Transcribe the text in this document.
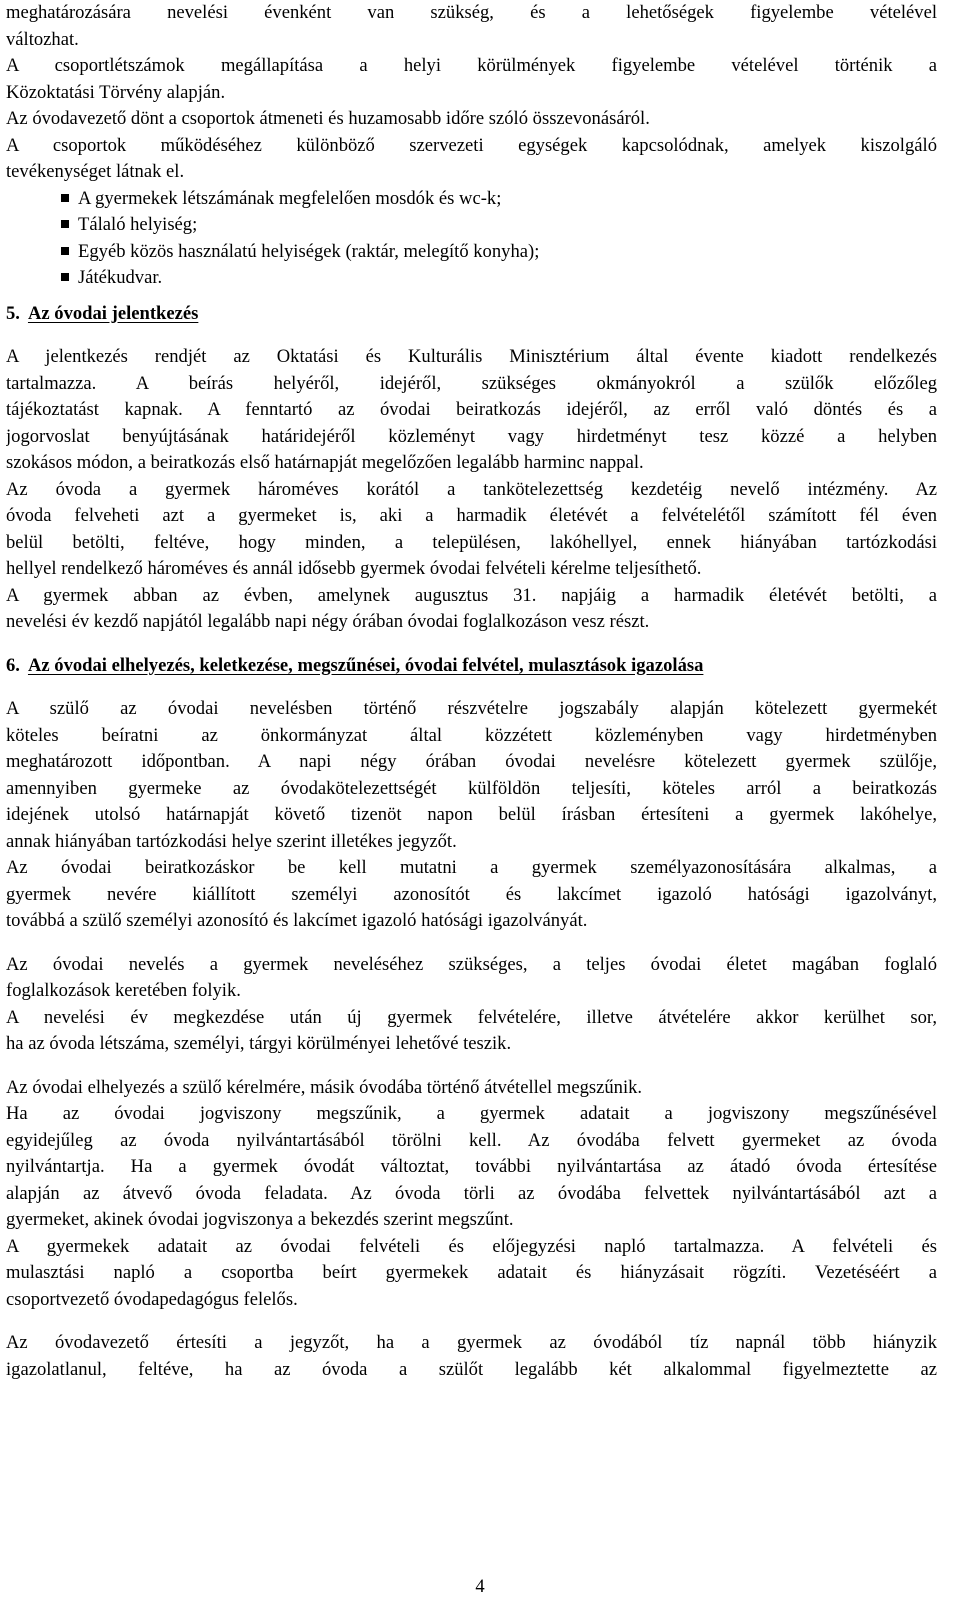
meghatározására nevelési évenként van szükség, és a lehetőségek figyelembe vételével
változhat.
A csoportlétszámok megállapítása a helyi körülmények figyelembe vételével történik a
Közoktatási Törvény alapján.
Az óvodavezető dönt a csoportok átmeneti és huzamosabb időre szóló összevonásáról.
A csoportok működéséhez különböző szervezeti egységek kapcsolódnak, amelyek kiszolgáló
tevékenységet látnak el.
A gyermekek létszámának megfelelően mosdók és wc-k;
Tálaló helyiség;
Egyéb közös használatú helyiségek (raktár, melegítő konyha);
Játékudvar.
5. Az óvodai jelentkezés
A jelentkezés rendjét az Oktatási és Kulturális Minisztérium által évente kiadott rendelkezés
tartalmazza. A beírás helyéről, idejéről, szükséges okmányokról a szülők előzőleg
tájékoztatást kapnak. A fenntartó az óvodai beiratkozás idejéről, az erről való döntés és a
jogorvoslat benyújtásának határidejéről közleményt vagy hirdetményt tesz közzé a helyben
szokásos módon, a beiratkozás első határnapját megelőzően legalább harminc nappal.
Az óvoda a gyermek hároméves korától a tankötelezettség kezdetéig nevelő intézmény. Az
óvoda felveheti azt a gyermeket is, aki a harmadik életévét a felvételétől számított fél éven
belül betölti, feltéve, hogy minden, a településen, lakóhellyel, ennek hiányában tartózkodási
hellyel rendelkező hároméves és annál idősebb gyermek óvodai felvételi kérelme teljesíthető.
A gyermek abban az évben, amelynek augusztus 31. napjáig a harmadik életévét betölti, a
nevelési év kezdő napjától legalább napi négy órában óvodai foglalkozáson vesz részt.
6. Az óvodai elhelyezés, keletkezése, megszűnései, óvodai felvétel, mulasztások igazolása
A szülő az óvodai nevelésben történő részvételre jogszabály alapján kötelezett gyermekét
köteles beíratni az önkormányzat által közzétett közleményben vagy hirdetményben
meghatározott időpontban. A napi négy órában óvodai nevelésre kötelezett gyermek szülője,
amennyiben gyermeke az óvodakötelezettségét külföldön teljesíti, köteles arról a beiratkozás
idejének utolsó határnapját követő tizenöt napon belül írásban értesíteni a gyermek lakóhelye,
annak hiányában tartózkodási helye szerint illetékes jegyzőt.
Az óvodai beiratkozáskor be kell mutatni a gyermek személyazonosítására alkalmas, a
gyermek nevére kiállított személyi azonosítót és lakcímet igazoló hatósági igazolványt,
továbbá a szülő személyi azonosító és lakcímet igazoló hatósági igazolványát.
Az óvodai nevelés a gyermek neveléséhez szükséges, a teljes óvodai életet magában foglaló
foglalkozások keretében folyik.
A nevelési év megkezdése után új gyermek felvételére, illetve átvételére akkor kerülhet sor,
ha az óvoda létszáma, személyi, tárgyi körülményei lehetővé teszik.
Az óvodai elhelyezés a szülő kérelmére, másik óvodába történő átvétellel megszűnik.
Ha az óvodai jogviszony megszűnik, a gyermek adatait a jogviszony megszűnésével
egyidejűleg az óvoda nyilvántartásából törölni kell. Az óvodába felvett gyermeket az óvoda
nyilvántartja. Ha a gyermek óvodát változtat, további nyilvántartása az átadó óvoda értesítése
alapján az átvevő óvoda feladata. Az óvoda törli az óvodába felvettek nyilvántartásából azt a
gyermeket, akinek óvodai jogviszonya a bekezdés szerint megszűnt.
A gyermekek adatait az óvodai felvételi és előjegyzési napló tartalmazza. A felvételi és
mulasztási napló a csoportba beírt gyermekek adatait és hiányzásait rögzíti. Vezetéséért a
csoportvezető óvodapedagógus felelős.
Az óvodavezető értesíti a jegyzőt, ha a gyermek az óvodából tíz napnál több hiányzik
igazolatlanul, feltéve, ha az óvoda a szülőt legalább két alkalommal figyelmeztette az
4
